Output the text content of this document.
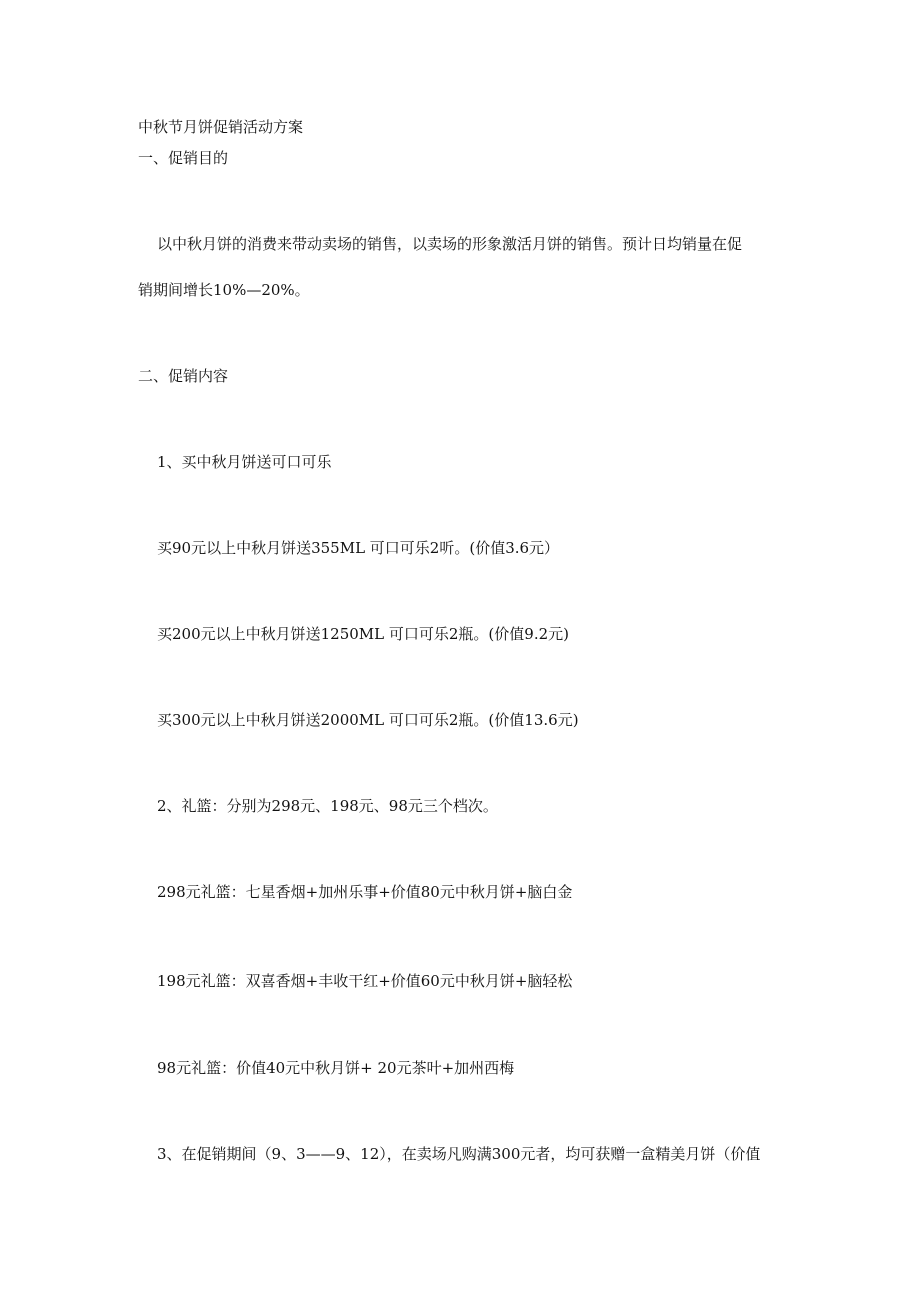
中秋节月饼促销活动方案
一、促销目的
以中秋月饼的消费来带动卖场的销售，以卖场的形象激活月饼的销售。预计日均销量在促
销期间增长10%—20%。
二、促销内容
1、买中秋月饼送可口可乐
买90元以上中秋月饼送355ML 可口可乐2听。(价值3.6元）
买200元以上中秋月饼送1250ML 可口可乐2瓶。(价值9.2元)
买300元以上中秋月饼送2000ML 可口可乐2瓶。(价值13.6元)
2、礼篮：分别为298元、198元、98元三个档次。
298元礼篮：七星香烟+加州乐事+价值80元中秋月饼+脑白金
198元礼篮：双喜香烟+丰收干红+价值60元中秋月饼+脑轻松
98元礼篮：价值40元中秋月饼+ 20元茶叶+加州西梅
3、在促销期间（9、3——9、12），在卖场凡购满300元者，均可获赠一盒精美月饼（价值
